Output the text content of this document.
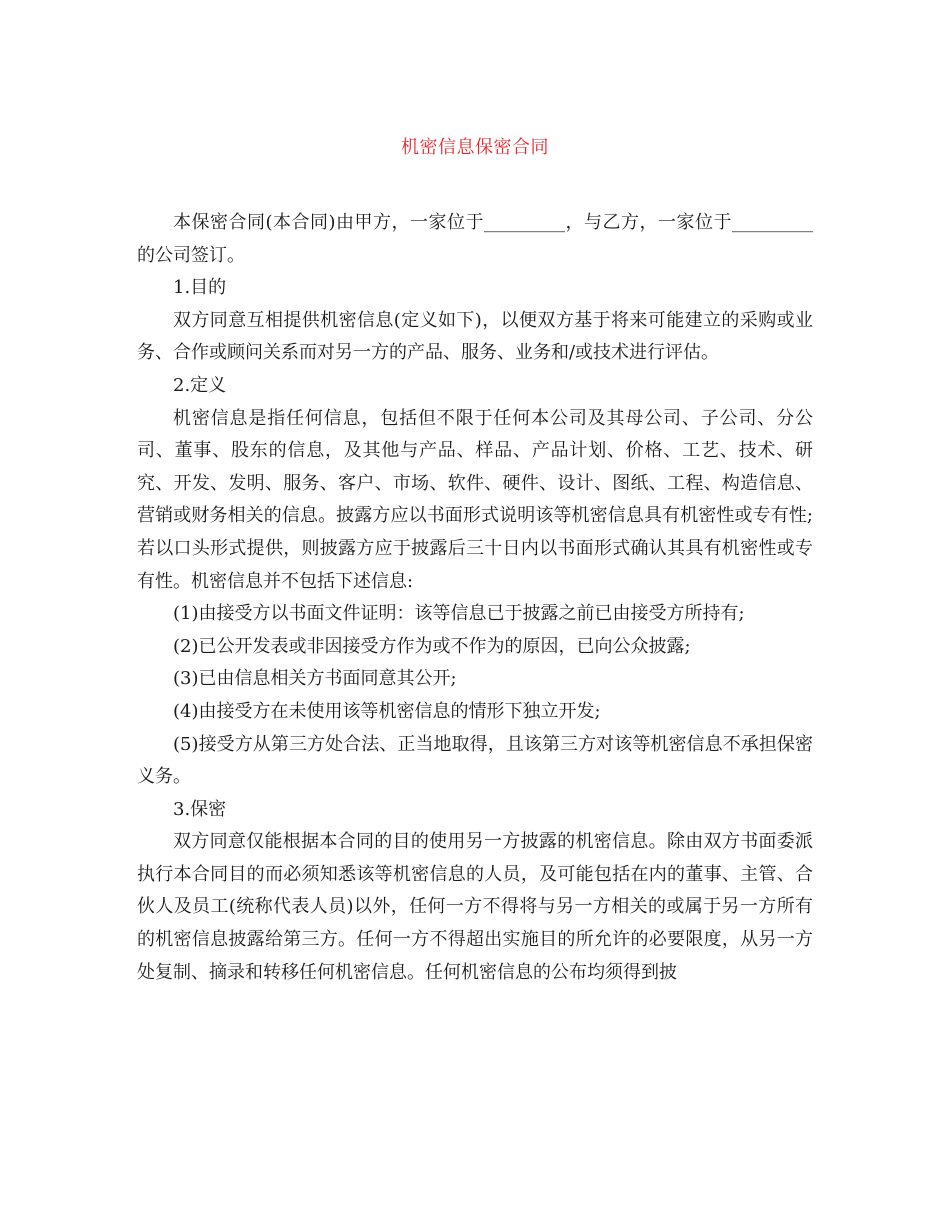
机密信息保密合同

本保密合同(本合同)由甲方，一家位于_________，与乙方，一家位于_________的公司签订。

1.目的

双方同意互相提供机密信息(定义如下)，以便双方基于将来可能建立的采购或业务、合作或顾问关系而对另一方的产品、服务、业务和/或技术进行评估。

2.定义

机密信息是指任何信息，包括但不限于任何本公司及其母公司、子公司、分公司、董事、股东的信息，及其他与产品、样品、产品计划、价格、工艺、技术、研究、开发、发明、服务、客户、市场、软件、硬件、设计、图纸、工程、构造信息、营销或财务相关的信息。披露方应以书面形式说明该等机密信息具有机密性或专有性;若以口头形式提供，则披露方应于披露后三十日内以书面形式确认其具有机密性或专有性。机密信息并不包括下述信息:

(1)由接受方以书面文件证明：该等信息已于披露之前已由接受方所持有;

(2)已公开发表或非因接受方作为或不作为的原因，已向公众披露;

(3)已由信息相关方书面同意其公开;

(4)由接受方在未使用该等机密信息的情形下独立开发;

(5)接受方从第三方处合法、正当地取得，且该第三方对该等机密信息不承担保密义务。

3.保密

双方同意仅能根据本合同的目的使用另一方披露的机密信息。除由双方书面委派执行本合同目的而必须知悉该等机密信息的人员，及可能包括在内的董事、主管、合伙人及员工(统称代表人员)以外，任何一方不得将与另一方相关的或属于另一方所有的机密信息披露给第三方。任何一方不得超出实施目的所允许的必要限度，从另一方处复制、摘录和转移任何机密信息。任何机密信息的公布均须得到披
